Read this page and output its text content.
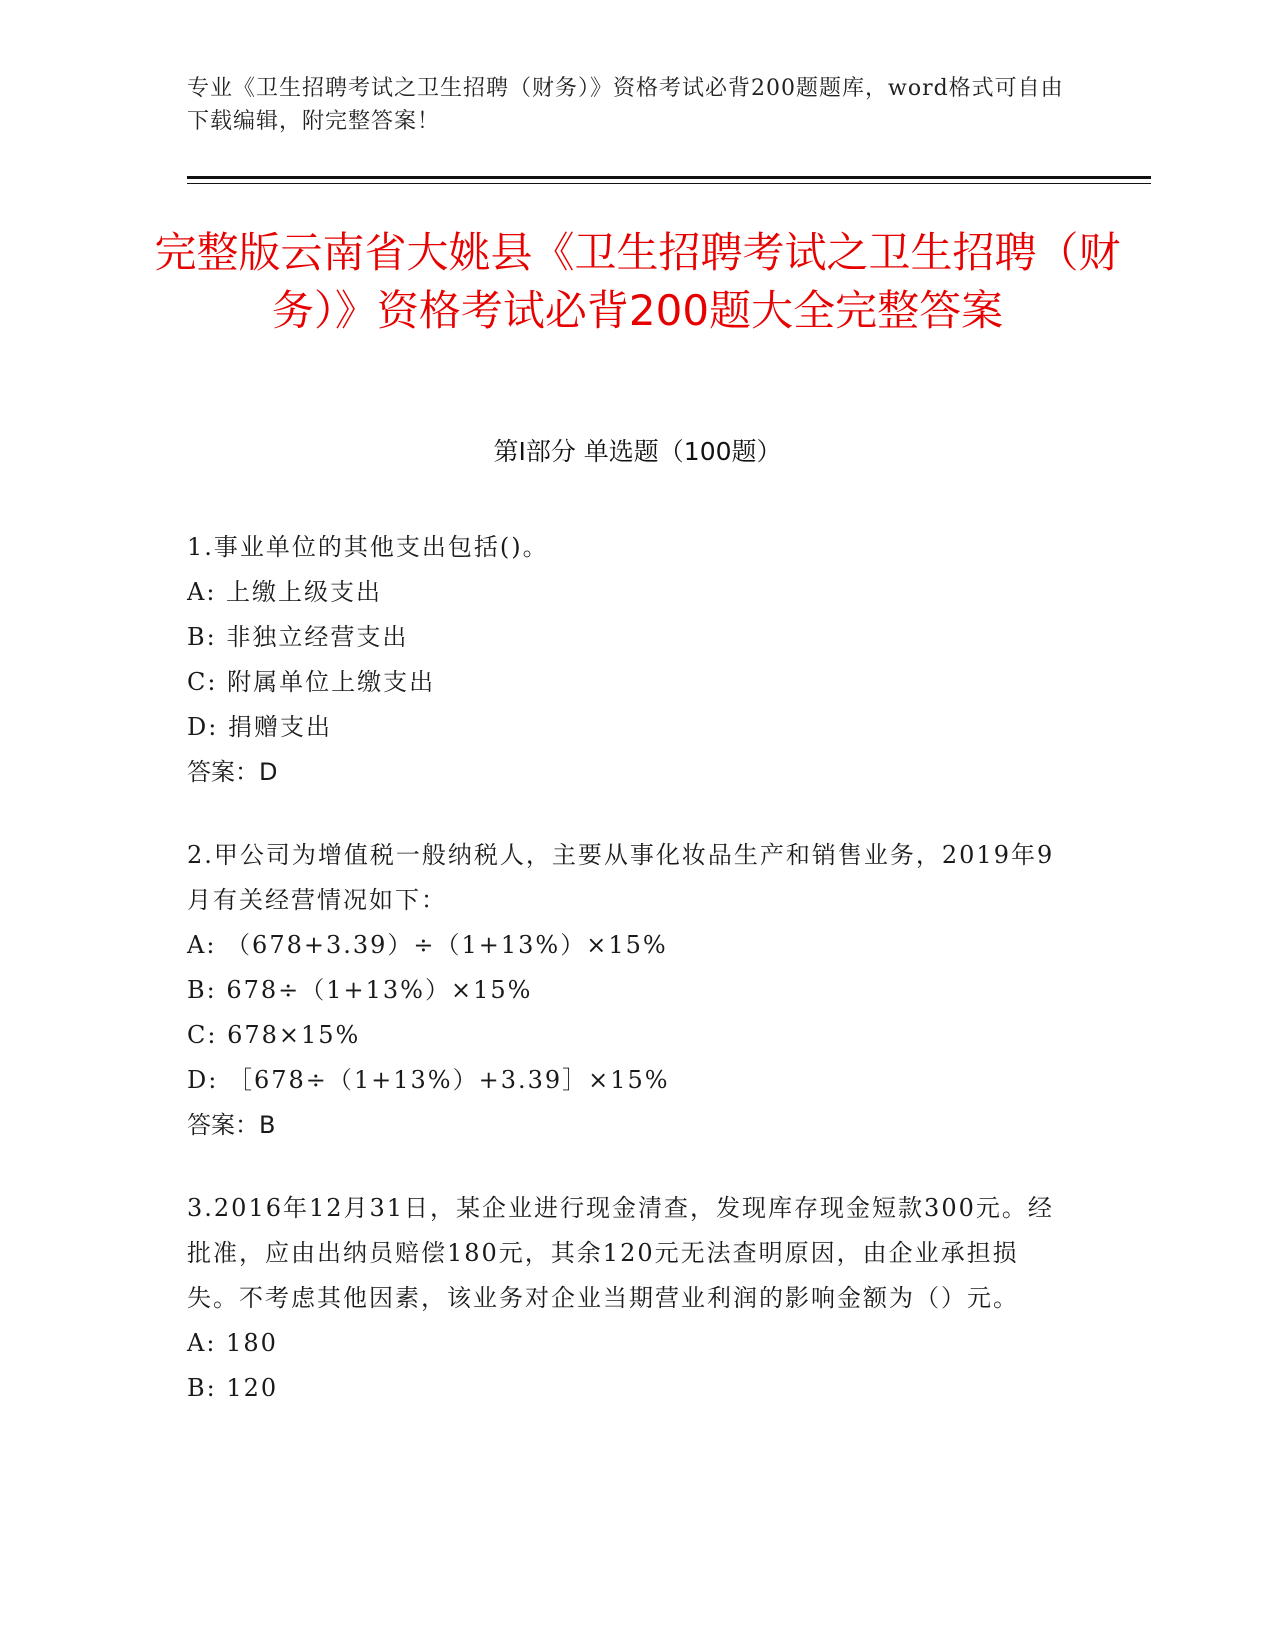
专业《卫生招聘考试之卫生招聘（财务）》资格考试必背200题题库，word格式可自由下载编辑，附完整答案！
完整版云南省大姚县《卫生招聘考试之卫生招聘（财务）》资格考试必背200题大全完整答案
第Ⅰ部分 单选题（100题）

1.事业单位的其他支出包括()。

A: 上缴上级支出

B: 非独立经营支出

C: 附属单位上缴支出

D: 捐赠支出

答案：D

2.甲公司为增值税一般纳税人，主要从事化妆品生产和销售业务，2019年9月有关经营情况如下：

A: （678+3.39）÷（1+13%）×15%

B: 678÷（1+13%）×15%

C: 678×15%

D: ［678÷（1+13%）+3.39］×15%

答案：B

3.2016年12月31日，某企业进行现金清查，发现库存现金短款300元。经批准，应由出纳员赔偿180元，其余120元无法查明原因，由企业承担损失。不考虑其他因素，该业务对企业当期营业利润的影响金额为（）元。

A: 180

B: 120
